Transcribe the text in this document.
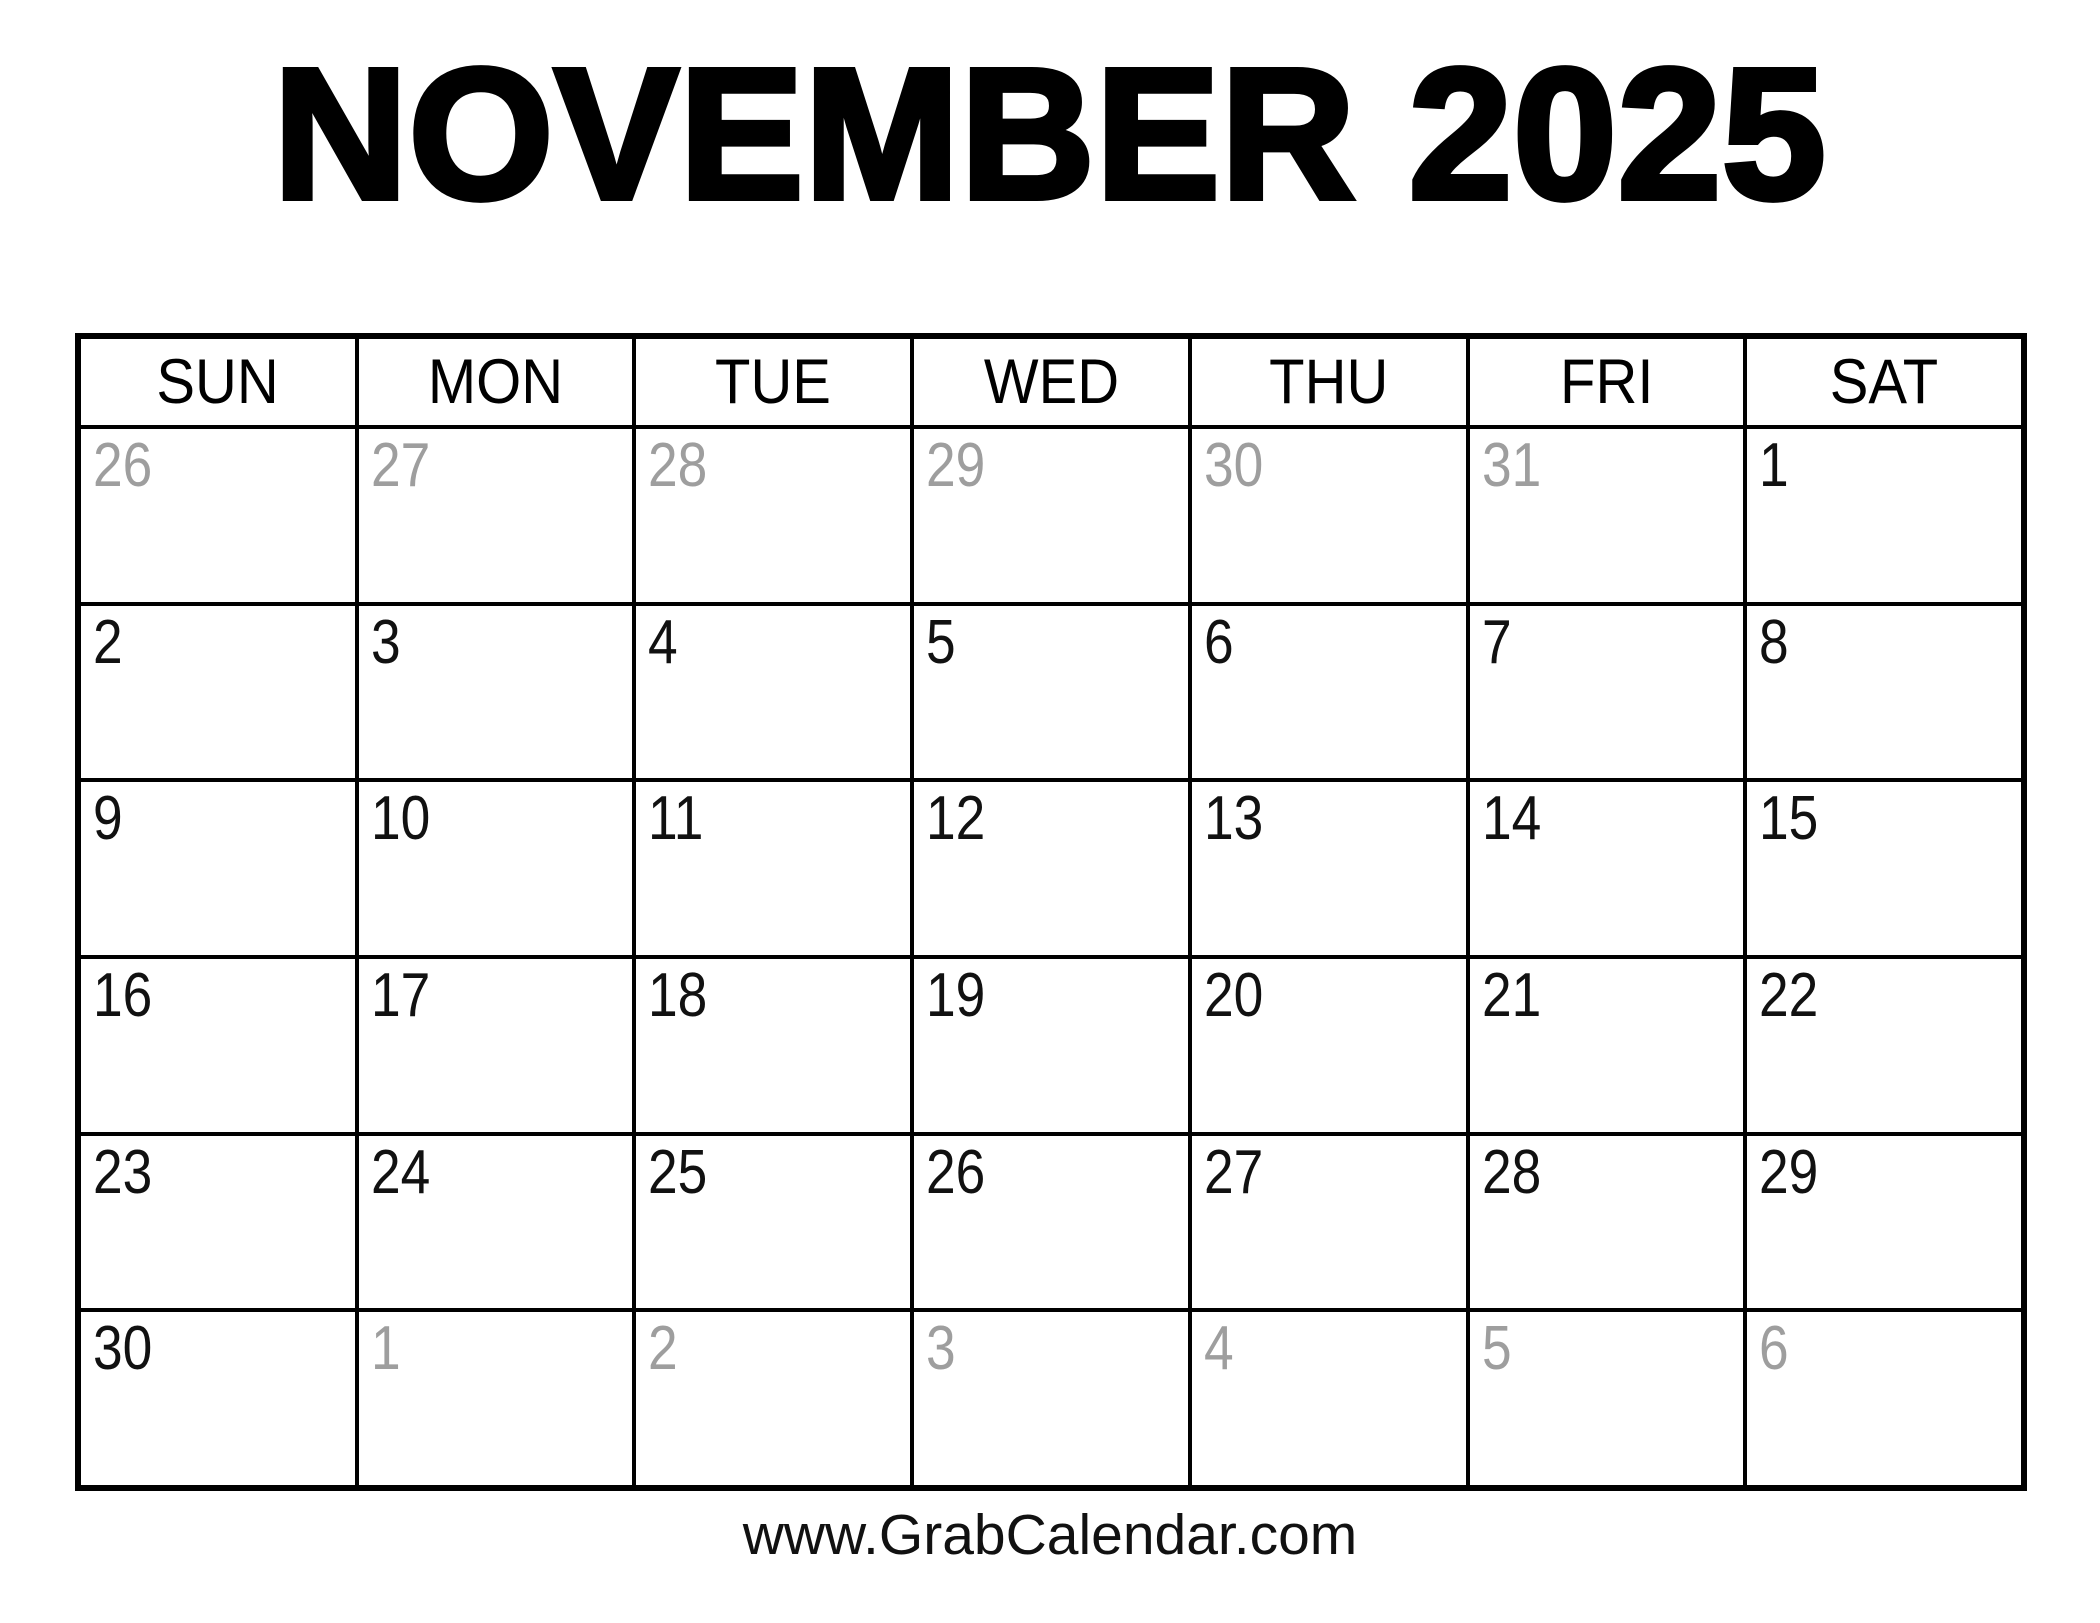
NOVEMBER 2025
SUN MON TUE WED THU	FRI	SAT
26	27	28	29	30	31	1
2	3	4	5	6	7	8
9	10	11	12	13	14	15
16	17	18	19	20	21	22
23	24	25	26	27	28	29
30	1	2	3	4	5	6
www.GrabCalendar.com
